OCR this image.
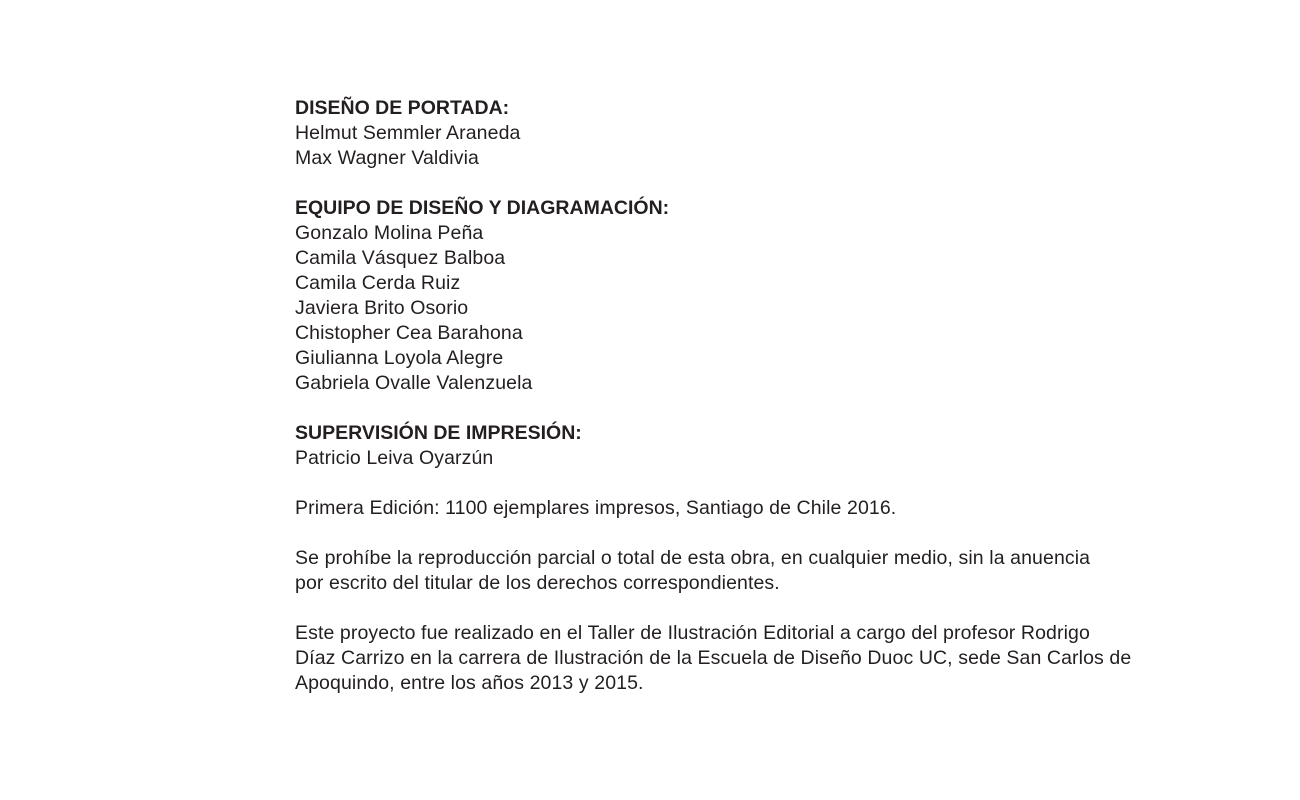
DISEÑO DE PORTADA:
Helmut Semmler Araneda
Max Wagner Valdivia
EQUIPO DE DISEÑO Y DIAGRAMACIÓN:
Gonzalo Molina Peña
Camila Vásquez Balboa
Camila Cerda Ruiz
Javiera Brito Osorio
Chistopher Cea Barahona
Giulianna Loyola Alegre
Gabriela Ovalle Valenzuela
SUPERVISIÓN DE IMPRESIÓN:
Patricio Leiva Oyarzún
Primera Edición: 1100 ejemplares impresos, Santiago de Chile 2016.
Se prohíbe la reproducción parcial o total de esta obra, en cualquier medio, sin la anuencia
por escrito del titular de los derechos correspondientes.
Este proyecto fue realizado en el Taller de Ilustración Editorial a cargo del profesor Rodrigo
Díaz Carrizo en la carrera de Ilustración de la Escuela de Diseño Duoc UC, sede San Carlos de
Apoquindo, entre los años 2013 y 2015.
